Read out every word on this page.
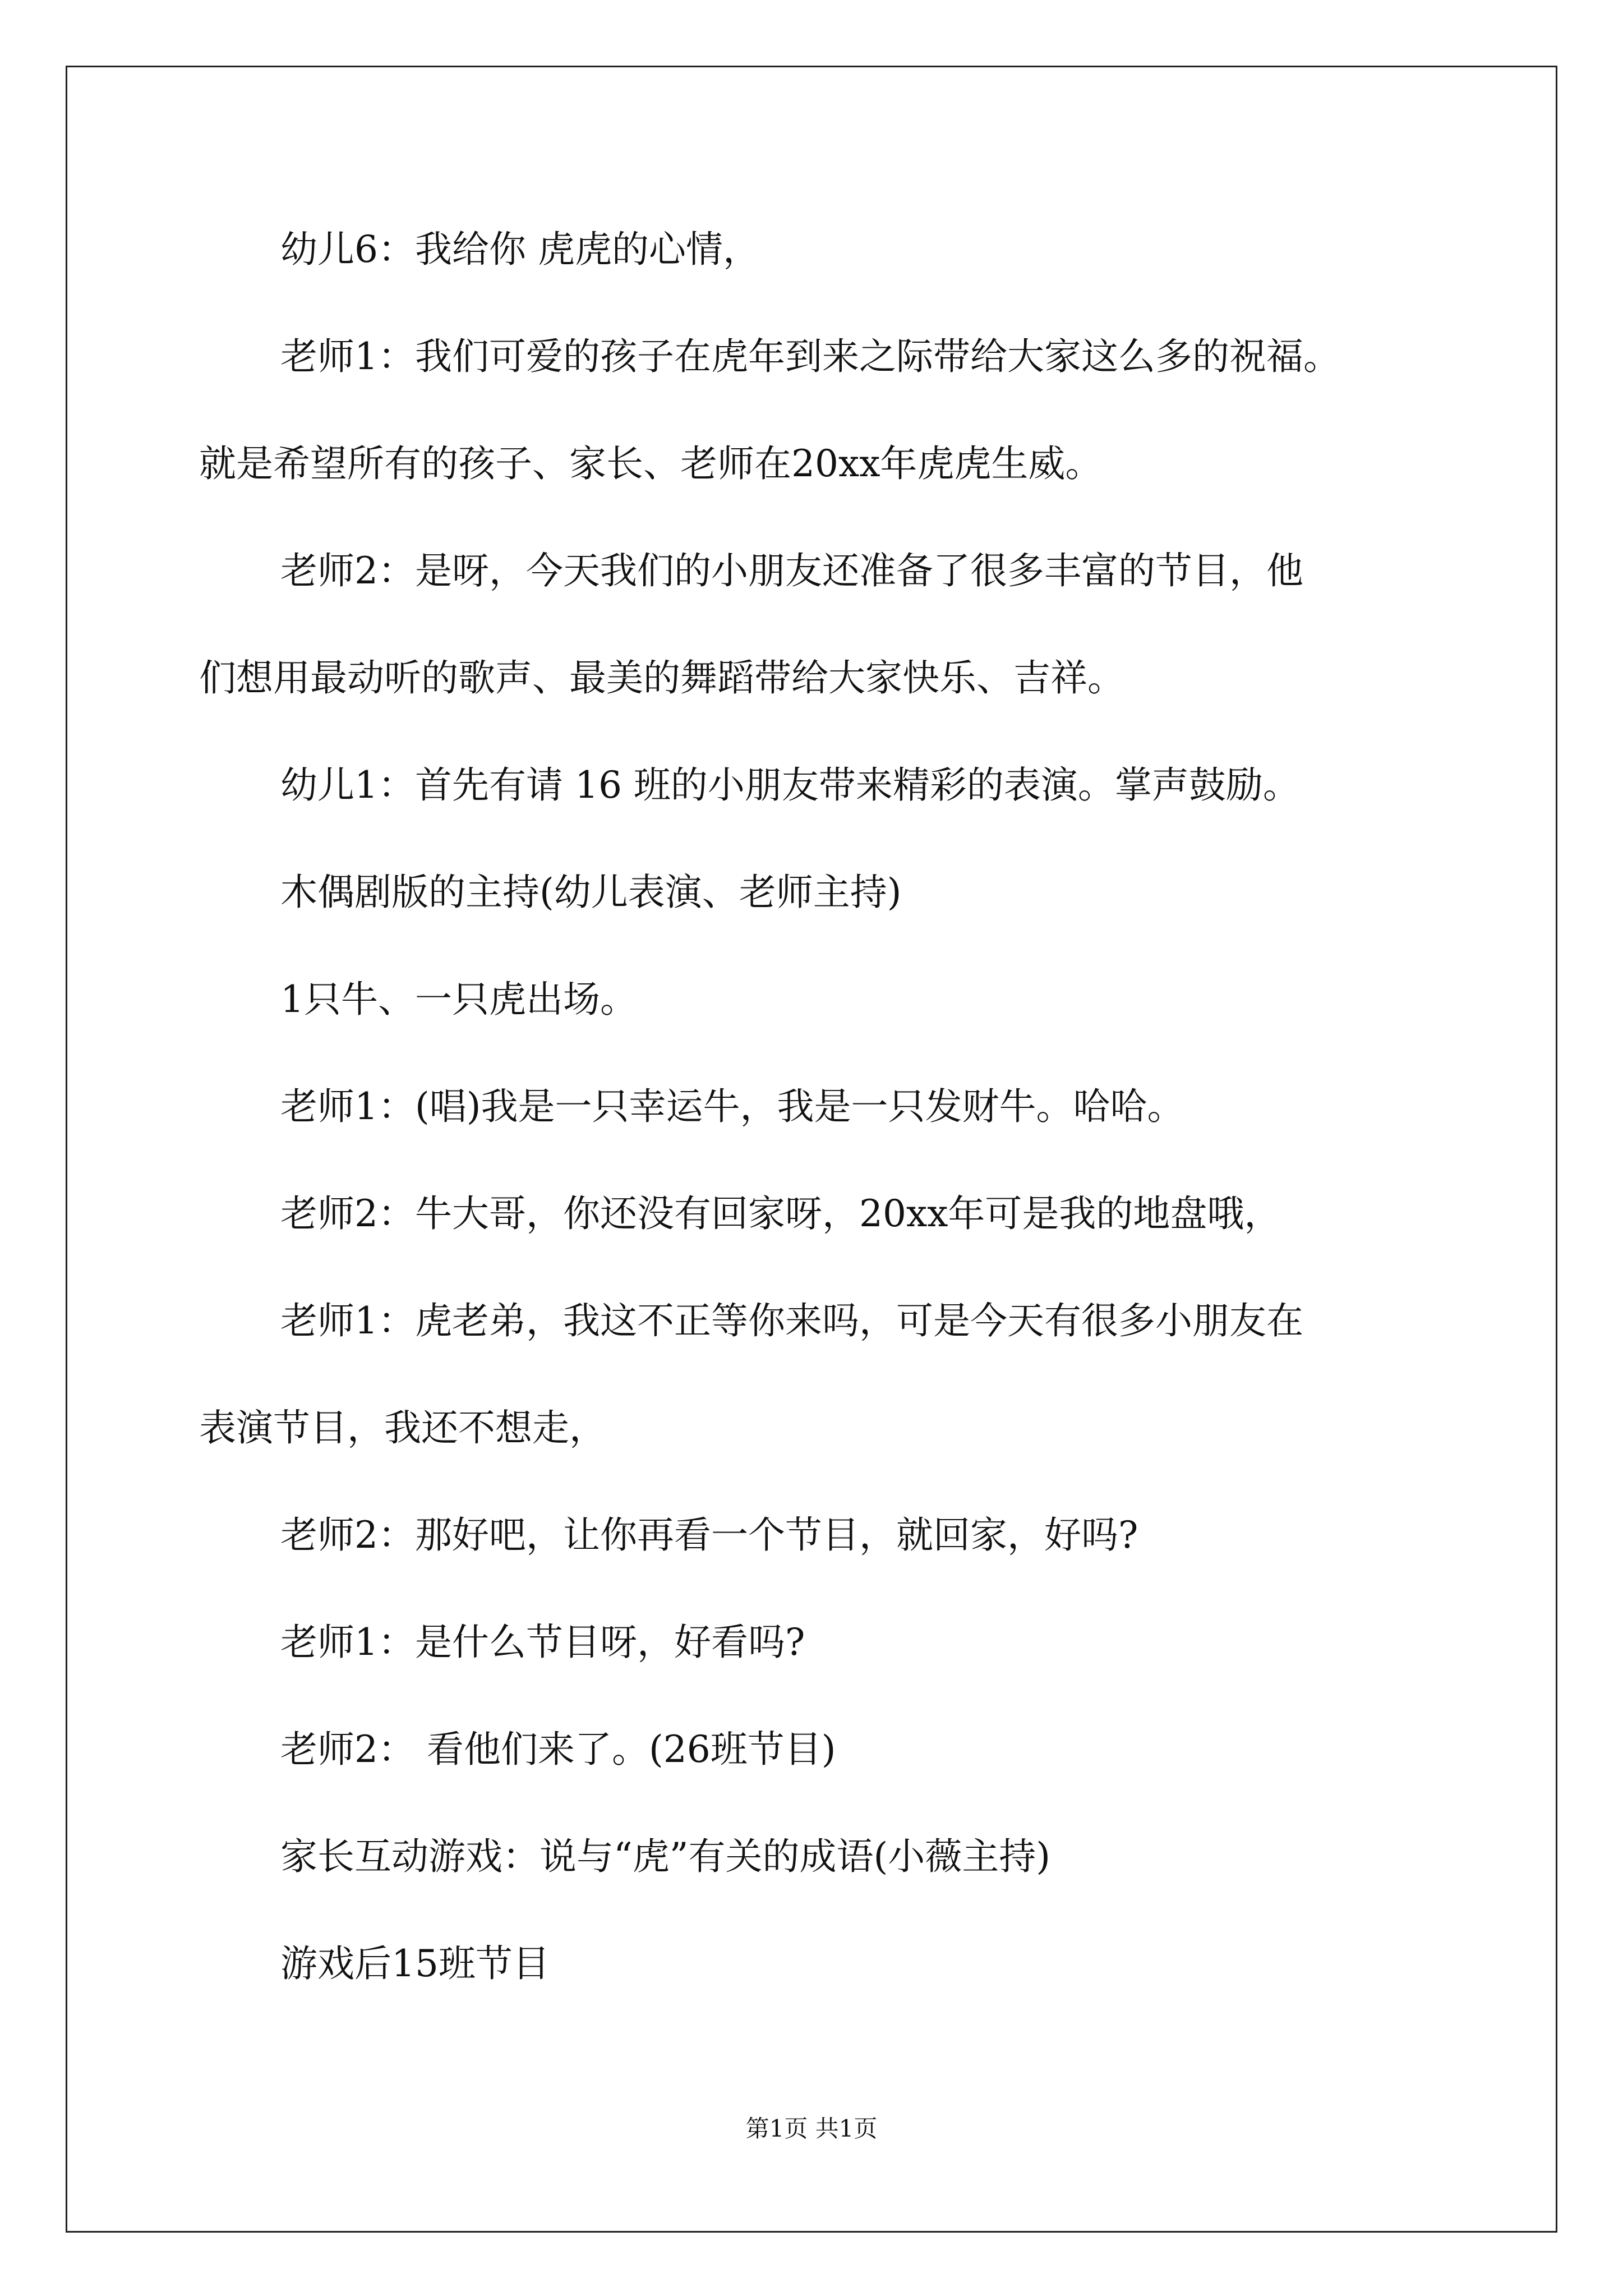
幼儿6：我给你 虎虎的心情，
老师1：我们可爱的孩子在虎年到来之际带给大家这么多的祝福。
就是希望所有的孩子、家长、老师在20xx年虎虎生威。
老师2：是呀，今天我们的小朋友还准备了很多丰富的节目，他
们想用最动听的歌声、最美的舞蹈带给大家快乐、吉祥。
幼儿1：首先有请 16 班的小朋友带来精彩的表演。掌声鼓励。
木偶剧版的主持(幼儿表演、老师主持)
1只牛、一只虎出场。
老师1：(唱)我是一只幸运牛，我是一只发财牛。哈哈。
老师2：牛大哥，你还没有回家呀，20xx年可是我的地盘哦，
老师1：虎老弟，我这不正等你来吗，可是今天有很多小朋友在
表演节目，我还不想走，
老师2：那好吧，让你再看一个节目，就回家，好吗?
老师1：是什么节目呀，好看吗?
老师2： 看他们来了。(26班节目)
家长互动游戏：说与“虎”有关的成语(小薇主持)
游戏后15班节目
第1页 共1页
